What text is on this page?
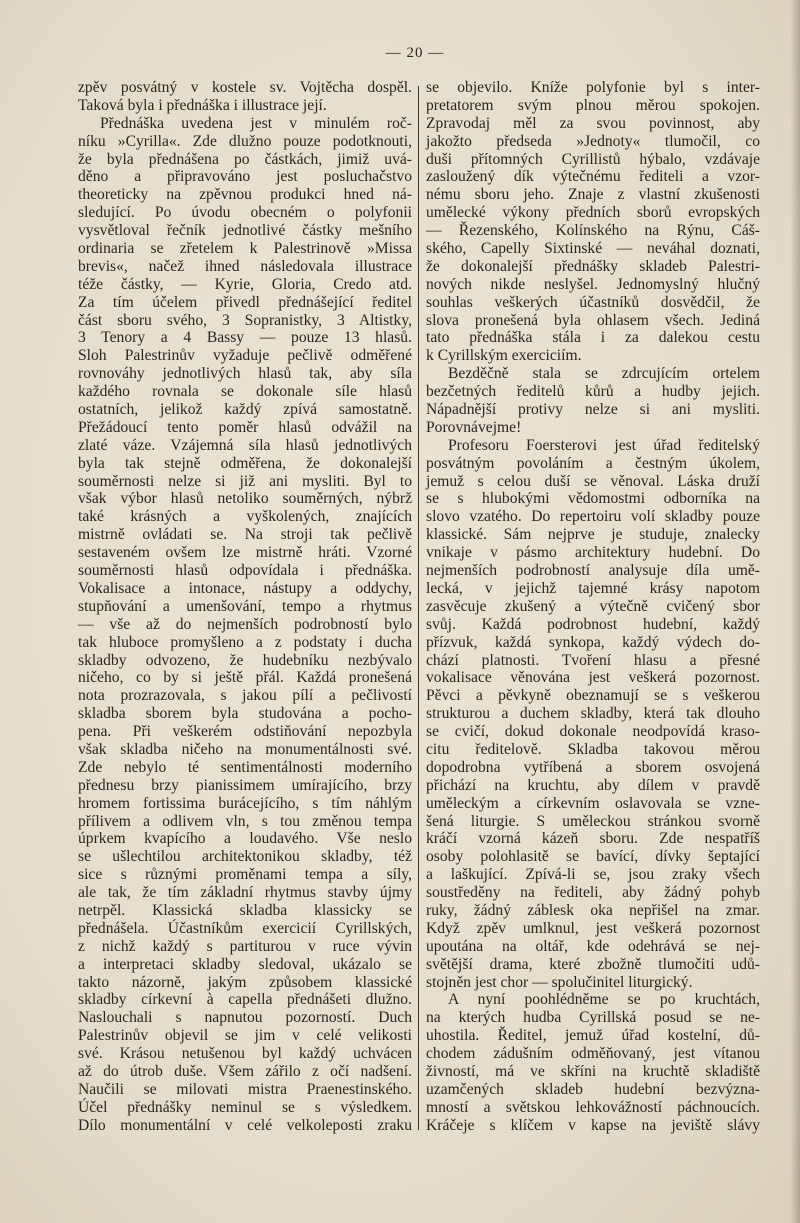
— 20 —
zpěv posvátný v kostele sv. Vojtěcha dospěl.
Taková byla i přednáška i illustrace její.
Přednáška uvedena jest v minulém roč-
níku »Cyrilla«. Zde dlužno pouze podotknouti,
že byla přednášena po částkách, jimiž uvá-
děno a připravováno jest posluchačstvo
theoreticky na zpěvnou produkci hned ná-
sledující. Po úvodu obecném o polyfonii
vysvětloval řečník jednotlivé částky mešního
ordinaria se zřetelem k Palestrinově »Missa
brevis«, načež ihned následovala illustrace
téže částky, — Kyrie, Gloria, Credo atd.
Za tím účelem přivedl přednášející ředitel
část sboru svého, 3 Sopranistky, 3 Altistky,
3 Tenory a 4 Bassy — pouze 13 hlasů.
Sloh Palestrinův vyžaduje pečlivě odměřené
rovnováhy jednotlivých hlasů tak, aby síla
každého rovnala se dokonale síle hlasů
ostatních, jelikož každý zpívá samostatně.
Přežádoucí tento poměr hlasů odvážil na
zlaté váze. Vzájemná síla hlasů jednotlivých
byla tak stejně odměřena, že dokonalejší
souměrnosti nelze si již ani mysliti. Byl to
však výbor hlasů netoliko souměrných, nýbrž
také krásných a vyškolených, znajících
mistrně ovládati se. Na stroji tak pečlivě
sestaveném ovšem lze mistrně hráti. Vzorné
souměrnosti hlasů odpovídala i přednáška.
Vokalisace a intonace, nástupy a oddychy,
stupňování a umenšování, tempo a rhytmus
— vše až do nejmenších podrobností bylo
tak hluboce promyšleno a z podstaty i ducha
skladby odvozeno, že hudebníku nezbývalo
ničeho, co by si ještě přál. Každá pronešená
nota prozrazovala, s jakou pílí a pečlivostí
skladba sborem byla studována a pocho-
pena. Při veškerém odstiňování nepozbyla
však skladba ničeho na monumentálnosti své.
Zde nebylo té sentimentálnosti moderního
přednesu brzy pianissimem umírajícího, brzy
hromem fortissima burácejícího, s tím náhlým
přílivem a odlivem vln, s tou změnou tempa
úprkem kvapícího a loudavého. Vše neslo
se ušlechtilou architektonikou skladby, též
sice s různými proměnami tempa a síly,
ale tak, že tím základní rhytmus stavby újmy
netrpěl. Klassická skladba klassicky se
přednášela. Účastníkům exercicií Cyrillských,
z nichž každý s partiturou v ruce vývin
a interpretaci skladby sledoval, ukázalo se
takto názorně, jakým způsobem klassické
skladby církevní à capella přednášeti dlužno.
Naslouchali s napnutou pozorností. Duch
Palestrinův objevil se jim v celé velikosti
své. Krásou netušenou byl každý uchvácen
až do útrob duše. Všem zářilo z očí nadšení.
Naučili se milovati mistra Praenestinského.
Účel přednášky neminul se s výsledkem.
Dílo monumentální v celé velkoleposti zraku
se objevilo. Kníže polyfonie byl s inter-
pretatorem svým plnou měrou spokojen.
Zpravodaj měl za svou povinnost, aby
jakožto předseda »Jednoty« tlumočil, co
duši přítomných Cyrillistů hýbalo, vzdávaje
zasloužený dík výtečnému řediteli a vzor-
nému sboru jeho. Znaje z vlastní zkušenosti
umělecké výkony předních sborů evropských
— Řezenského, Kolínského na Rýnu, Cáš-
ského, Capelly Sixtinské — neváhal doznati,
že dokonalejší přednášky skladeb Palestri-
nových nikde neslyšel. Jednomyslný hlučný
souhlas veškerých účastníků dosvědčil, že
slova pronešená byla ohlasem všech. Jediná
tato přednáška stála i za dalekou cestu
k Cyrillským exerciciím.
Bezděčně stala se zdrcujícím ortelem
bezčetných ředitelů kůrů a hudby jejich.
Nápadnější protivy nelze si ani mysliti.
Porovnávejme!
Profesoru Foersterovi jest úřad ředitelský
posvátným povoláním a čestným úkolem,
jemuž s celou duší se věnoval. Láska druží
se s hlubokými vědomostmi odborníka na
slovo vzatého. Do repertoiru volí skladby pouze
klassické. Sám nejprve je studuje, znalecky
vnikaje v pásmo architektury hudební. Do
nejmenších podrobností analysuje díla umě-
lecká, v jejichž tajemné krásy napotom
zasvěcuje zkušený a výtečně cvičený sbor
svůj. Každá podrobnost hudební, každý
přízvuk, každá synkopa, každý výdech do-
chází platnosti. Tvoření hlasu a přesné
vokalisace věnována jest veškerá pozornost.
Pěvci a pěvkyně obeznamují se s veškerou
strukturou a duchem skladby, která tak dlouho
se cvičí, dokud dokonale neodpovídá kraso-
citu ředitelově. Skladba takovou měrou
dopodrobna vytříbená a sborem osvojená
přichází na kruchtu, aby dílem v pravdě
uměleckým a církevním oslavovala se vzne-
šená liturgie. S uměleckou stránkou svorně
kráčí vzorná kázeň sboru. Zde nespatříš
osoby polohlasitě se bavící, dívky šeptající
a laškující. Zpívá-li se, jsou zraky všech
soustředěny na řediteli, aby žádný pohyb
ruky, žádný záblesk oka nepřišel na zmar.
Když zpěv umlknul, jest veškerá pozornost
upoutána na oltář, kde odehrává se nej-
světější drama, které zbožně tlumočiti udů-
stojněn jest chor — spolučinitel liturgický.
A nyní poohlédněme se po kruchtách,
na kterých hudba Cyrillská posud se ne-
uhostila. Ředitel, jemuž úřad kostelní, dů-
chodem zádušním odměňovaný, jest vítanou
živností, má ve skříni na kruchtě skladiště
uzamčených skladeb hudební bezvýzna-
mností a světskou lehkovážností páchnoucích.
Kráčeje s klíčem v kapse na jeviště slávy
